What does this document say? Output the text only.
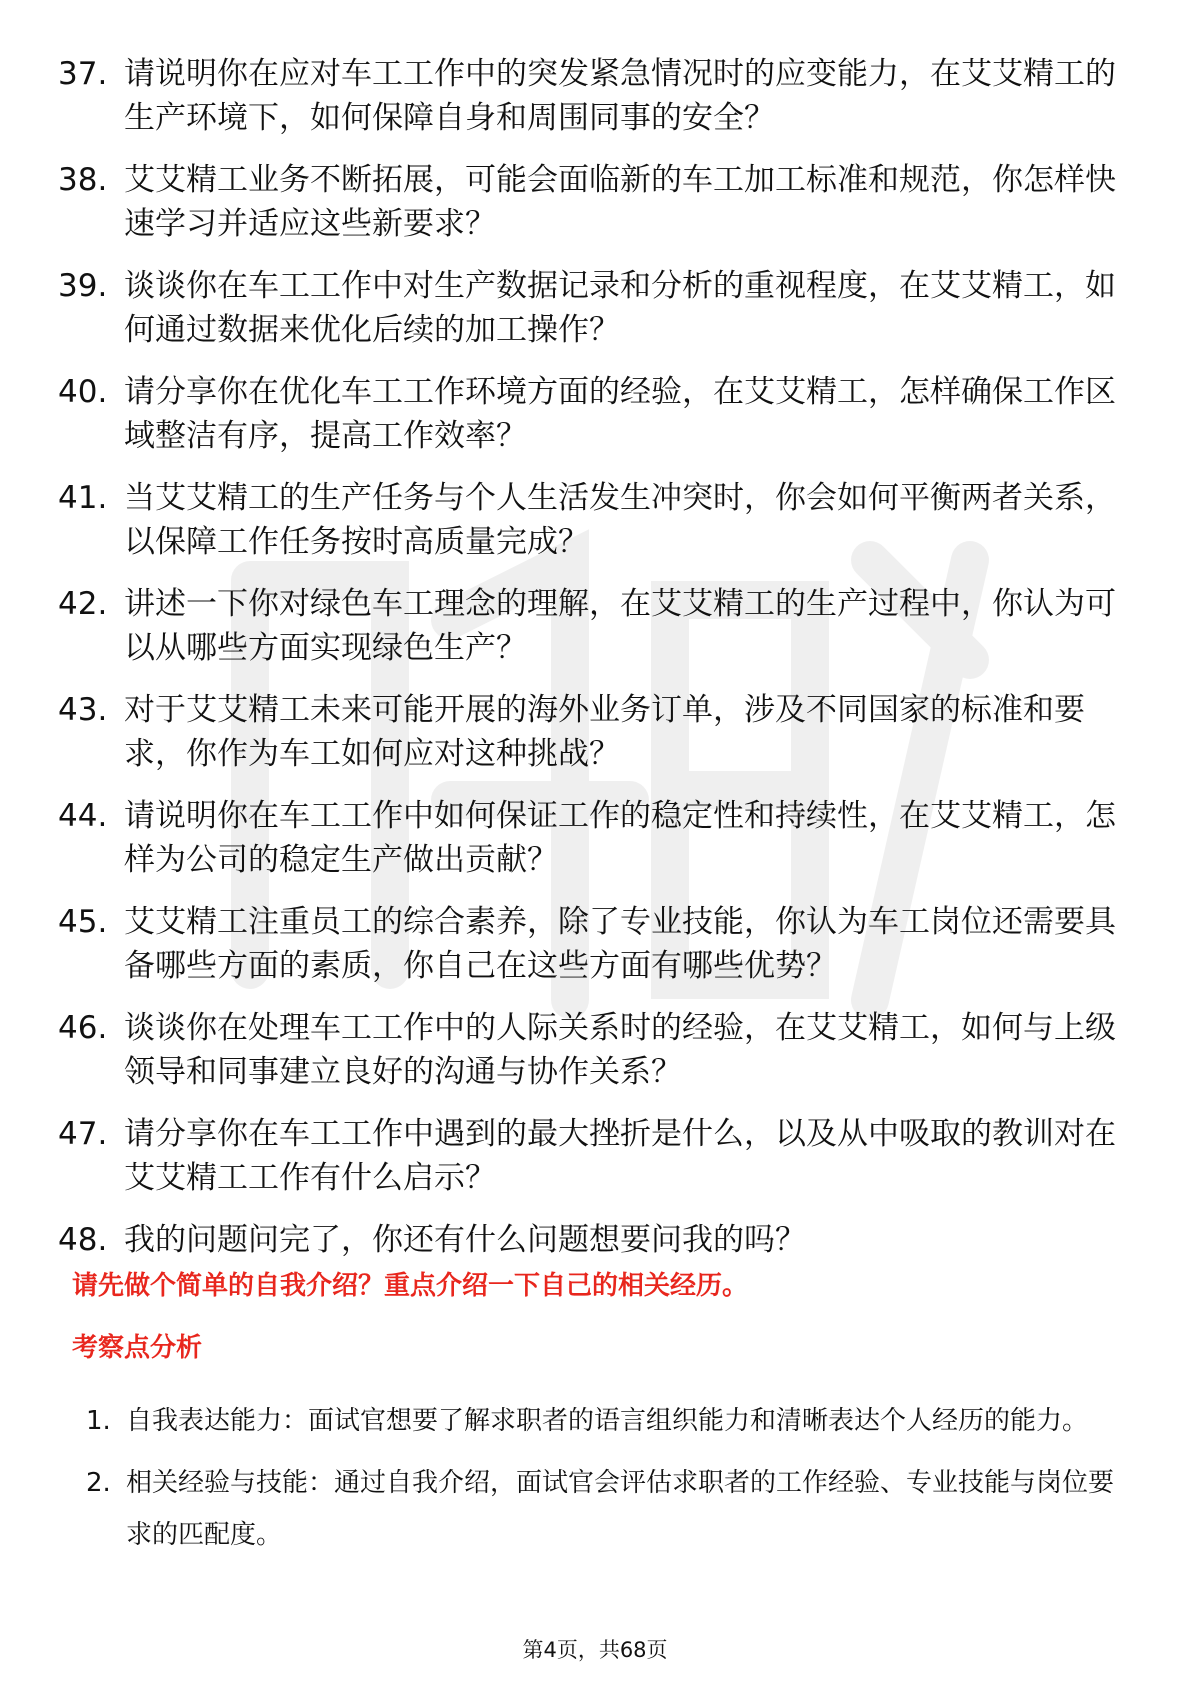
37. 请说明你在应对车工工作中的突发紧急情况时的应变能力，在艾艾精工的生产环境下，如何保障自身和周围同事的安全？
38. 艾艾精工业务不断拓展，可能会面临新的车工加工标准和规范，你怎样快速学习并适应这些新要求？
39. 谈谈你在车工工作中对生产数据记录和分析的重视程度，在艾艾精工，如何通过数据来优化后续的加工操作？
40. 请分享你在优化车工工作环境方面的经验，在艾艾精工，怎样确保工作区域整洁有序，提高工作效率？
41. 当艾艾精工的生产任务与个人生活发生冲突时，你会如何平衡两者关系，以保障工作任务按时高质量完成？
42. 讲述一下你对绿色车工理念的理解，在艾艾精工的生产过程中，你认为可以从哪些方面实现绿色生产？
43. 对于艾艾精工未来可能开展的海外业务订单，涉及不同国家的标准和要求，你作为车工如何应对这种挑战？
44. 请说明你在车工工作中如何保证工作的稳定性和持续性，在艾艾精工，怎样为公司的稳定生产做出贡献？
45. 艾艾精工注重员工的综合素养，除了专业技能，你认为车工岗位还需要具备哪些方面的素质，你自己在这些方面有哪些优势？
46. 谈谈你在处理车工工作中的人际关系时的经验，在艾艾精工，如何与上级领导和同事建立良好的沟通与协作关系？
47. 请分享你在车工工作中遇到的最大挫折是什么，以及从中吸取的教训对在艾艾精工工作有什么启示？
48. 我的问题问完了，你还有什么问题想要问我的吗？
请先做个简单的自我介绍？重点介绍一下自己的相关经历。
考察点分析
1. 自我表达能力：面试官想要了解求职者的语言组织能力和清晰表达个人经历的能力。
2. 相关经验与技能：通过自我介绍，面试官会评估求职者的工作经验、专业技能与岗位要求的匹配度。
第4页，共68页
